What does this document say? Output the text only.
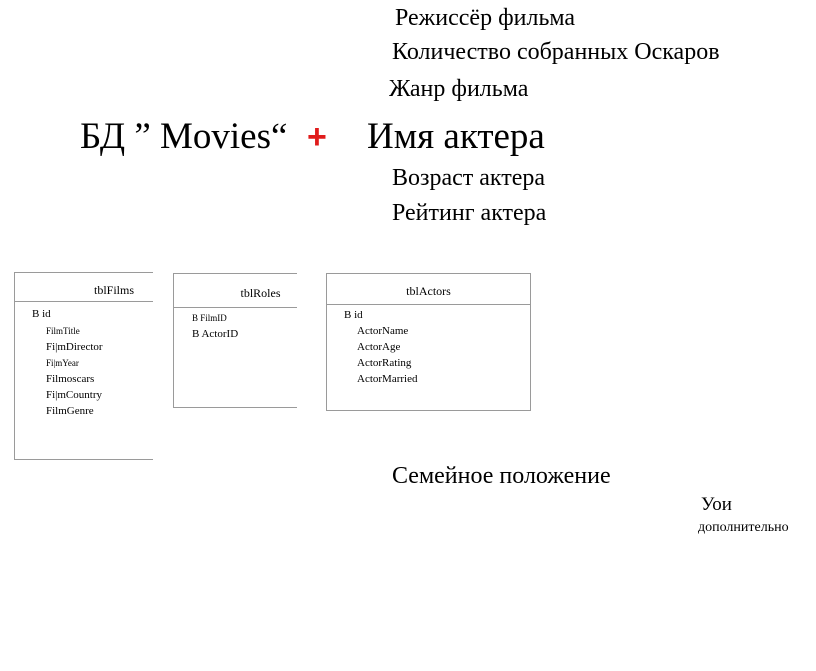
Режиссёр фильма
Количество собранных Оскаров
Жанр фильма
БД ” Movies“ + Имя актера
Возраст актера
Рейтинг актера
tblFilms
B id
FilmTitle
Fi|mDirector
Fi|mYear
Filmoscars
Fi|mCountry
FilmGenre
tblRoles
B FilmID
B ActorID
tblActors
B id
ActorName
ActorAge
ActorRating
ActorMarried
Семейное положение
Уои
дополнительно
